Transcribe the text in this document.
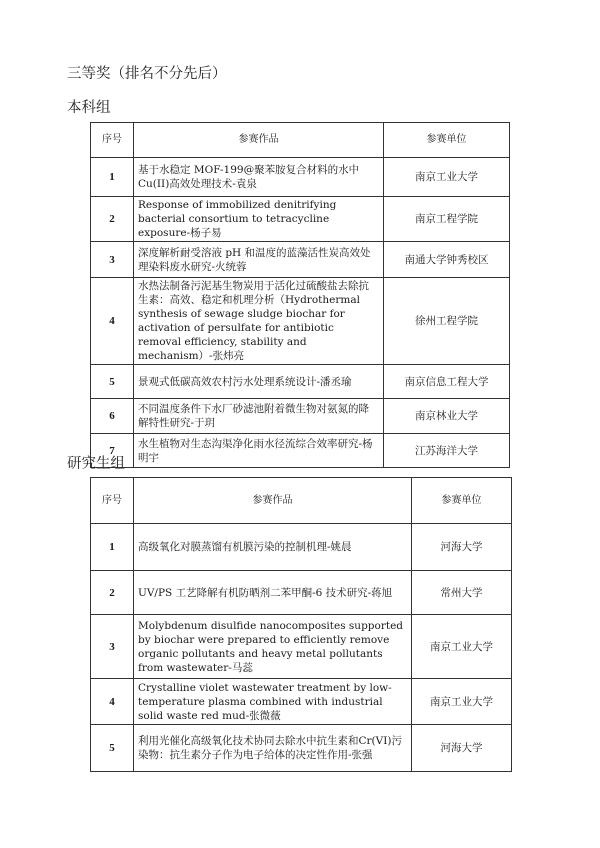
三等奖（排名不分先后）
本科组
序号	参赛作品	参赛单位
1	基于水稳定 MOF-199@聚苯胺复合材料的水中Cu(II)高效处理技术-袁泉	南京工业大学
2	Response of immobilized denitrifying bacterial consortium to tetracycline exposure-杨子易	南京工程学院
3	深度解析耐受溶液 pH 和温度的蓝藻活性炭高效处理染料废水研究-火统蓉	南通大学钟秀校区
4	水热法制备污泥基生物炭用于活化过硫酸盐去除抗生素：高效、稳定和机理分析（Hydrothermal synthesis of sewage sludge biochar for activation of persulfate for antibiotic removal efficiency, stability and mechanism）-张炜亮	徐州工程学院
5	景观式低碳高效农村污水处理系统设计-潘丞瑜	南京信息工程大学
6	不同温度条件下水厂砂滤池附着微生物对氨氮的降解特性研究-于玥	南京林业大学
7	水生植物对生态沟渠净化雨水径流综合效率研究-杨明宇	江苏海洋大学
研究生组
序号	参赛作品	参赛单位
1	高级氧化对膜蒸馏有机膜污染的控制机理-姚晨	河海大学
2	UV/PS 工艺降解有机防晒剂二苯甲酮-6 技术研究-蒋旭	常州大学
3	Molybdenum disulfide nanocomposites supported by biochar were prepared to efficiently remove organic pollutants and heavy metal pollutants from wastewater-马蕊	南京工业大学
4	Crystalline violet wastewater treatment by low-temperature plasma combined with industrial solid waste red mud-张微薇	南京工业大学
5	利用光催化高级氧化技术协同去除水中抗生素和Cr(VI)污染物：抗生素分子作为电子给体的决定性作用-张强	河海大学
